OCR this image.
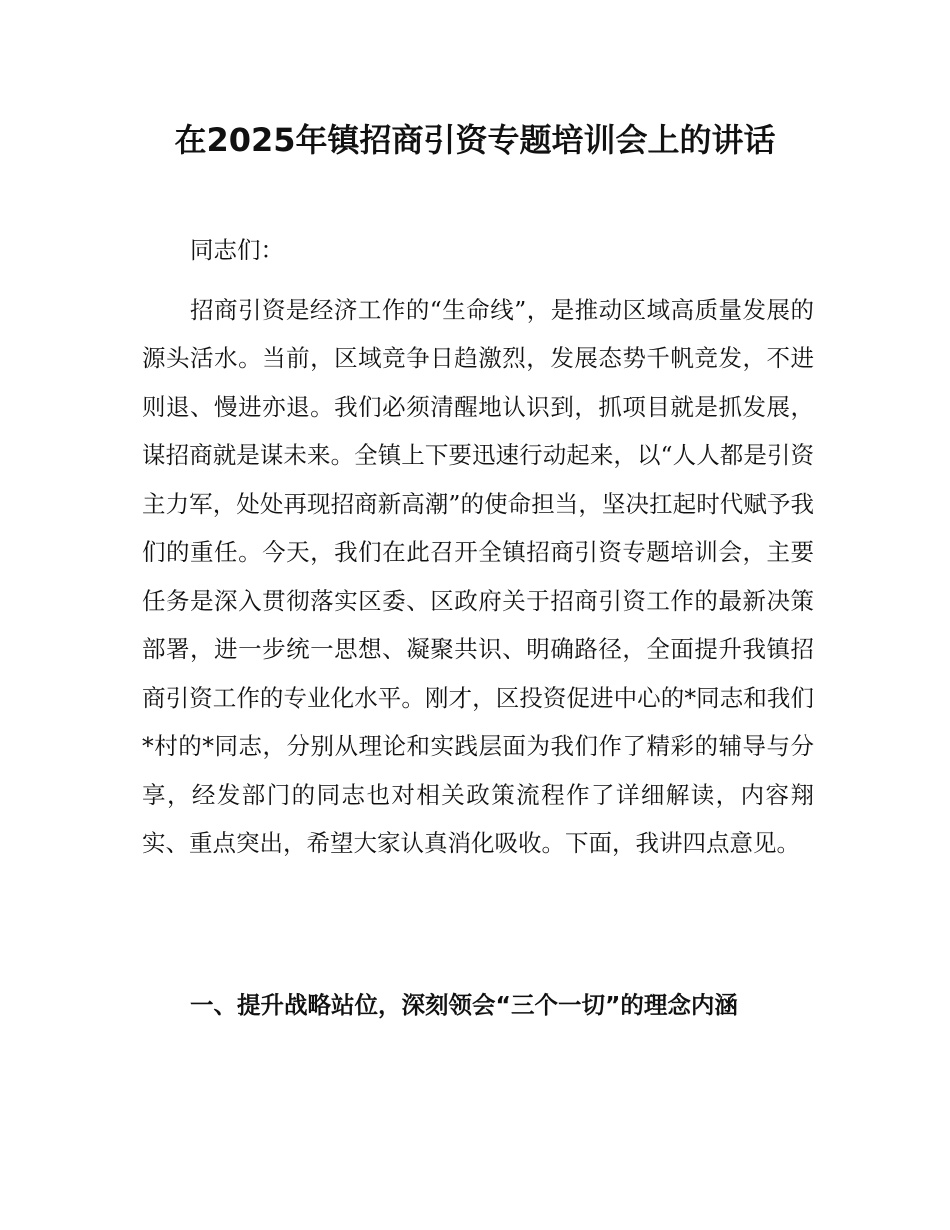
在2025年镇招商引资专题培训会上的讲话

同志们：

招商引资是经济工作的“生命线”，是推动区域高质量发展的源头活水。当前，区域竞争日趋激烈，发展态势千帆竞发，不进则退、慢进亦退。我们必须清醒地认识到，抓项目就是抓发展，谋招商就是谋未来。全镇上下要迅速行动起来，以“人人都是引资主力军，处处再现招商新高潮”的使命担当，坚决扛起时代赋予我们的重任。今天，我们在此召开全镇招商引资专题培训会，主要任务是深入贯彻落实区委、区政府关于招商引资工作的最新决策部署，进一步统一思想、凝聚共识、明确路径，全面提升我镇招商引资工作的专业化水平。刚才，区投资促进中心的*同志和我们*村的*同志，分别从理论和实践层面为我们作了精彩的辅导与分享，经发部门的同志也对相关政策流程作了详细解读，内容翔实、重点突出，希望大家认真消化吸收。下面，我讲四点意见。

一、提升战略站位，深刻领会“三个一切”的理念内涵
